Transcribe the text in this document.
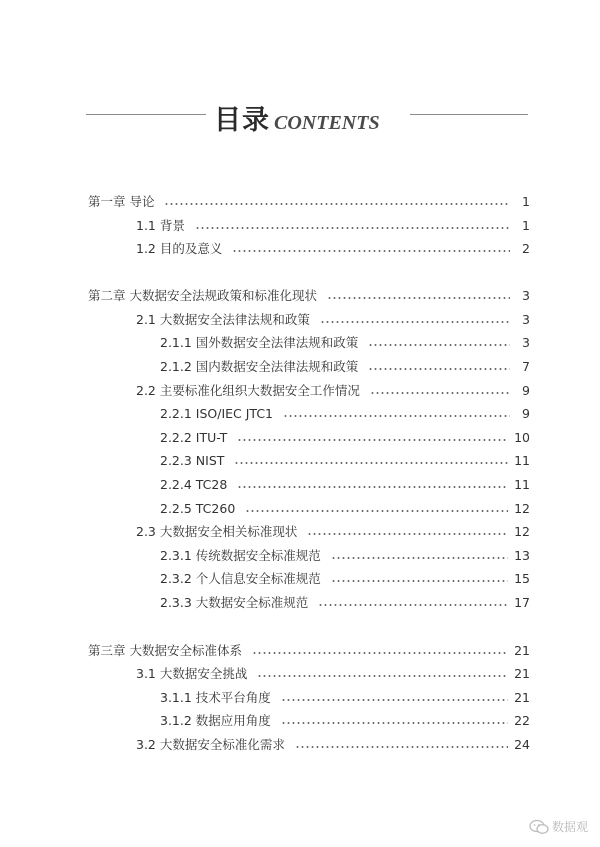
目录 CONTENTS
第一章 导论	1
1.1 背景	1
1.2 目的及意义	2
第二章 大数据安全法规政策和标准化现状	3
2.1 大数据安全法律法规和政策	3
2.1.1 国外数据安全法律法规和政策	3
2.1.2 国内数据安全法律法规和政策	7
2.2 主要标准化组织大数据安全工作情况	9
2.2.1 ISO/IEC JTC1	9
2.2.2 ITU-T	10
2.2.3 NIST	11
2.2.4 TC28	11
2.2.5 TC260	12
2.3 大数据安全相关标准现状	12
2.3.1 传统数据安全标准规范	13
2.3.2 个人信息安全标准规范	15
2.3.3 大数据安全标准规范	17
第三章 大数据安全标准体系	21
3.1 大数据安全挑战	21
3.1.1 技术平台角度	21
3.1.2 数据应用角度	22
3.2 大数据安全标准化需求	24
数据观
